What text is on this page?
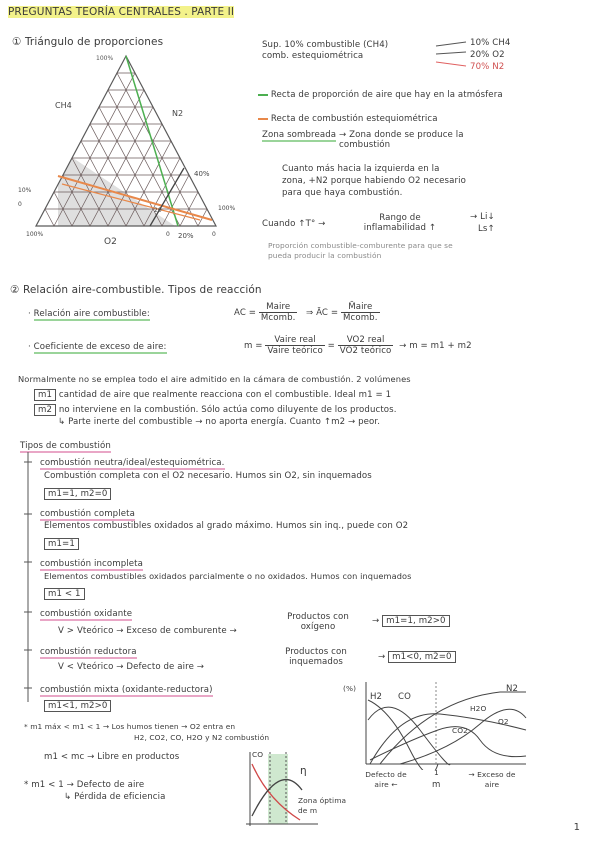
PREGUNTAS TEORÍA CENTRALES . PARTE II
① Triángulo de proporciones
100%
CH4
N2
40%
100%
10%
0
100%
20
0 20%	0
O2
Sup. 10% combustible (CH4)
comb. estequiométrica
10% CH4
20% O2
70% N2
Recta de proporción de aire que hay en la atmósfera
Recta de combustión estequiométrica
Zona sombreada → Zona donde se produce la combustión
Cuanto más hacia la izquierda en la
zona, +N2 porque habiendo O2 necesario
para que haya combustión.
Cuando ↑T° →
Rango de inflamabilidad ↑
→ Li↓
Ls↑
Proporción combustible-comburente para que se
pueda producir la combustión
② Relación aire-combustible. Tipos de reacción
· Relación aire combustible:	AC = $\frac{\text{Maire}}{\text{Mcomb.}}$ ⇒ ĀC = $\frac{\text{M̄aire}}{\text{M̄comb.}}$
· Coeficiente de exceso de aire:	$m = \frac{\text{Vaire real}}{\text{Vaire teórico}} = \frac{\text{VO2 real}}{\text{VO2 teórico}} \to m = m1 + m2$
Normalmente no se emplea todo el aire admitido en la cámara de combustión. 2 volúmenes
m1 cantidad de aire que realmente reacciona con el combustible. Ideal m1 = 1
m2 no interviene en la combustión. Sólo actúa como diluyente de los productos.
↳ Parte inerte del combustible → no aporta energía. Cuanto ↑m2 → peor.
Tipos de combustión
combustión neutra/ideal/estequiométrica.
Combustión completa con el O2 necesario. Humos sin O2, sin inquemados
m1=1, m2=0
combustión completa
Elementos combustibles oxidados al grado máximo. Humos sin inq., puede con O2
m1=1
combustión incompleta
Elementos combustibles oxidados parcialmente o no oxidados. Humos con inquemados
m1 < 1
combustión oxidante
V > Vteórico → Exceso de comburente →
Productos con oxígeno
→ m1=1, m2>0
combustión reductora
V < Vteórico → Defecto de aire →
Productos con inquemados	→ m1<0, m2=0
combustión mixta (oxidante-reductora)
m1<1, m2>0
* m1 máx < m1 < 1 → Los humos tienen → O2 entra en
H2, CO2, CO, H2O y N2 combustión
m1 < mc → Libre en productos
* m1 < 1 → Defecto de aire
↳ Pérdida de eficiencia
CO
η
Zona óptima de m
(%)
H2 CO
N2
H2O
O2
CO2
Defecto de aire ←
1
m
→ Exceso de aire
1
